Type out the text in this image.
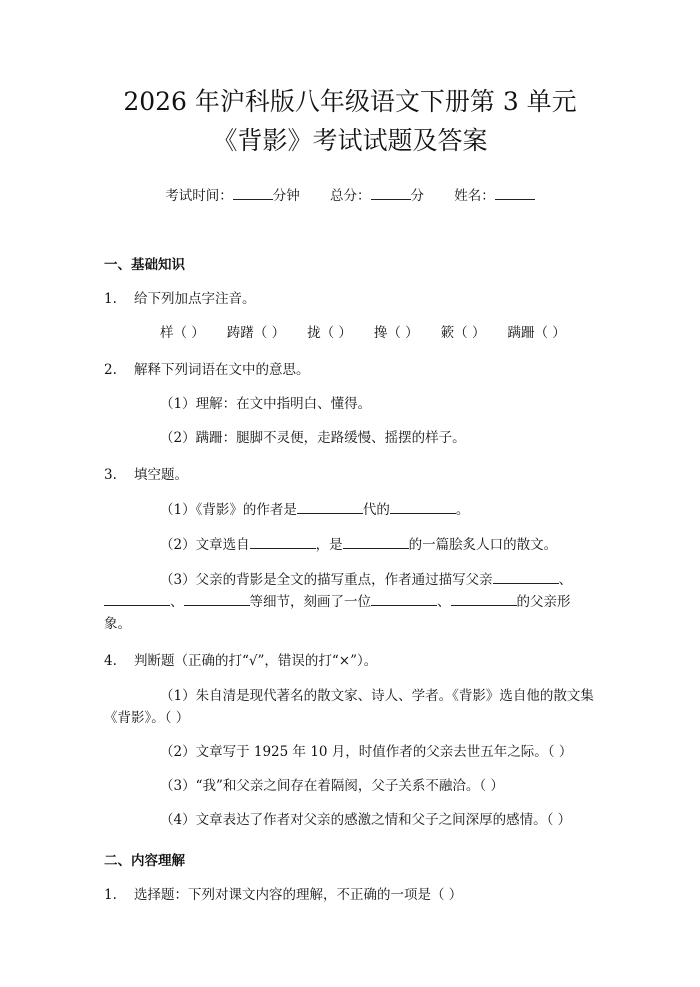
2026 年沪科版八年级语文下册第 3 单元《背影》考试试题及答案
考试时间：	分钟 总分：	分 姓名：
一、基础知识
1. 给下列加点字注音。
样（ ） 踌躇（ ） 拢（ ） 搀（ ） 簌（ ） 蹒跚（ ）
2. 解释下列词语在文中的意思。
（1）理解：在文中指明白、懂得。
（2）蹒跚：腿脚不灵便，走路缓慢、摇摆的样子。
3. 填空题。
（1）《背影》的作者是	代的	。
（2）文章选自	，是	的一篇脍炙人口的散文。
（3）父亲的背影是全文的描写重点，作者通过描写父亲	、、	等细节，刻画了一位	、	的父亲形象。
4. 判断题（正确的打“√”，错误的打“×”）。
（1）朱自清是现代著名的散文家、诗人、学者。《背影》选自他的散文集《背影》。（ ）
（2）文章写于 1925 年 10 月，时值作者的父亲去世五年之际。（ ）
（3）“我”和父亲之间存在着隔阂，父子关系不融洽。（ ）
（4）文章表达了作者对父亲的感激之情和父子之间深厚的感情。（ ）
二、内容理解
1. 选择题：下列对课文内容的理解，不正确的一项是（ ）
